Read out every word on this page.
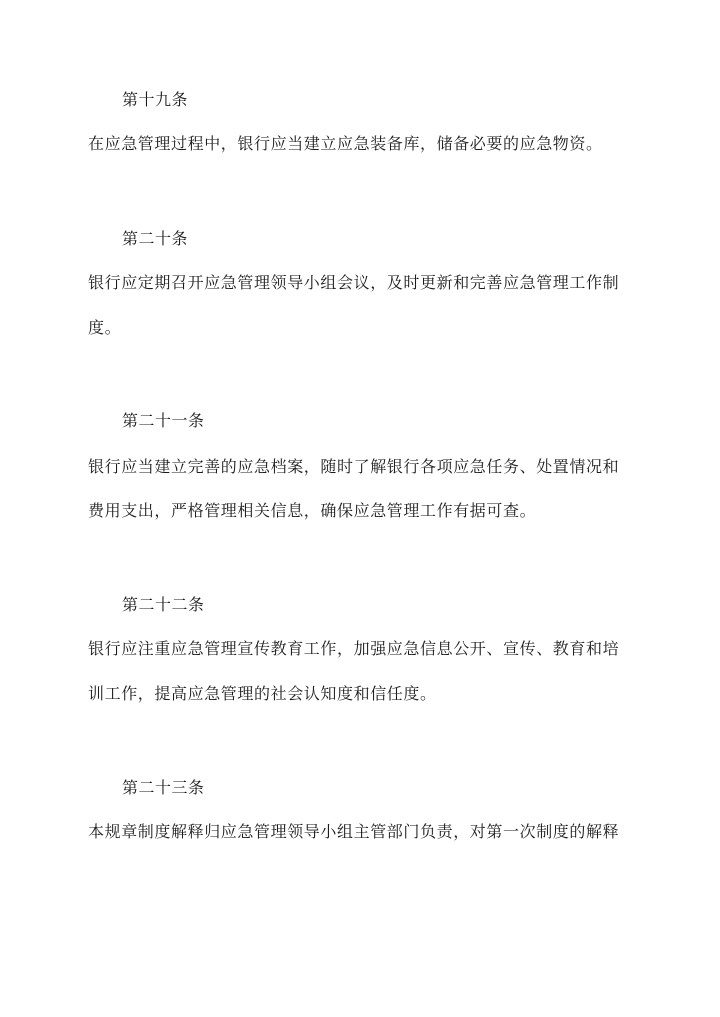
第十九条
在应急管理过程中，银行应当建立应急装备库，储备必要的应急物资。
第二十条
银行应定期召开应急管理领导小组会议，及时更新和完善应急管理工作制
度。
第二十一条
银行应当建立完善的应急档案，随时了解银行各项应急任务、处置情况和
费用支出，严格管理相关信息，确保应急管理工作有据可查。
第二十二条
银行应注重应急管理宣传教育工作，加强应急信息公开、宣传、教育和培
训工作，提高应急管理的社会认知度和信任度。
第二十三条
本规章制度解释归应急管理领导小组主管部门负责，对第一次制度的解释
